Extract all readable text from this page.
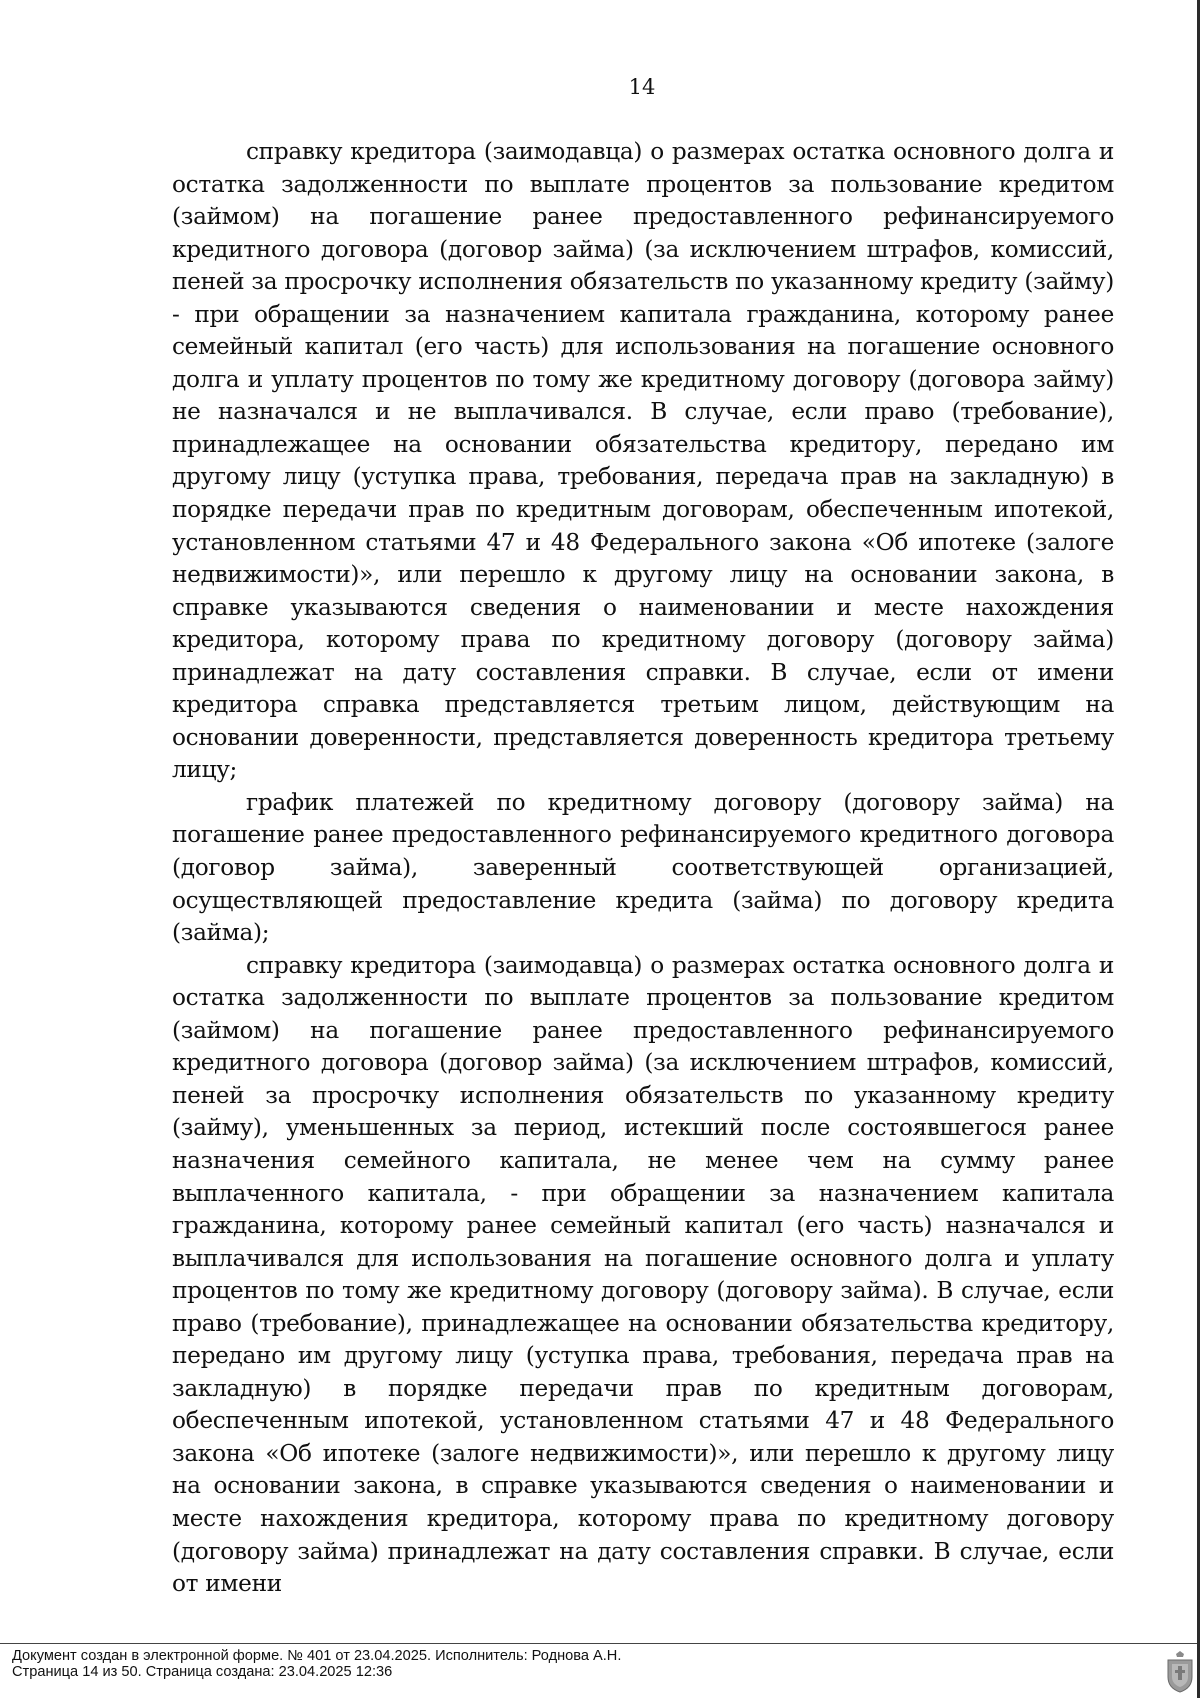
14

справку кредитора (заимодавца) о размерах остатка основного долга и остатка задолженности по выплате процентов за пользование кредитом (займом) на погашение ранее предоставленного рефинансируемого кредитного договора (договор займа) (за исключением штрафов, комиссий, пеней за просрочку исполнения обязательств по указанному кредиту (займу) - при обращении за назначением капитала гражданина, которому ранее семейный капитал (его часть) для использования на погашение основного долга и уплату процентов по тому же кредитному договору (договора займу) не назначался и не выплачивался. В случае, если право (требование), принадлежащее на основании обязательства кредитору, передано им другому лицу (уступка права, требования, передача прав на закладную) в порядке передачи прав по кредитным договорам, обеспеченным ипотекой, установленном статьями 47 и 48 Федерального закона «Об ипотеке (залоге недвижимости)», или перешло к другому лицу на основании закона, в справке указываются сведения о наименовании и месте нахождения кредитора, которому права по кредитному договору (договору займа) принадлежат на дату составления справки. В случае, если от имени кредитора справка представляется третьим лицом, действующим на основании доверенности, представляется доверенность кредитора третьему лицу;

график платежей по кредитному договору (договору займа) на погашение ранее предоставленного рефинансируемого кредитного договора (договор займа), заверенный соответствующей организацией, осуществляющей предоставление кредита (займа) по договору кредита (займа);

справку кредитора (заимодавца) о размерах остатка основного долга и остатка задолженности по выплате процентов за пользование кредитом (займом) на погашение ранее предоставленного рефинансируемого кредитного договора (договор займа) (за исключением штрафов, комиссий, пеней за просрочку исполнения обязательств по указанному кредиту (займу), уменьшенных за период, истекший после состоявшегося ранее назначения семейного капитала, не менее чем на сумму ранее выплаченного капитала, - при обращении за назначением капитала гражданина, которому ранее семейный капитал (его часть) назначался и выплачивался для использования на погашение основного долга и уплату процентов по тому же кредитному договору (договору займа). В случае, если право (требование), принадлежащее на основании обязательства кредитору, передано им другому лицу (уступка права, требования, передача прав на закладную) в порядке передачи прав по кредитным договорам, обеспеченным ипотекой, установленном статьями 47 и 48 Федерального закона «Об ипотеке (залоге недвижимости)», или перешло к другому лицу на основании закона, в справке указываются сведения о наименовании и месте нахождения кредитора, которому права по кредитному договору (договору займа) принадлежат на дату составления справки. В случае, если от имени

Документ создан в электронной форме. № 401 от 23.04.2025. Исполнитель: Роднова А.Н.
Страница 14 из 50. Страница создана: 23.04.2025 12:36
